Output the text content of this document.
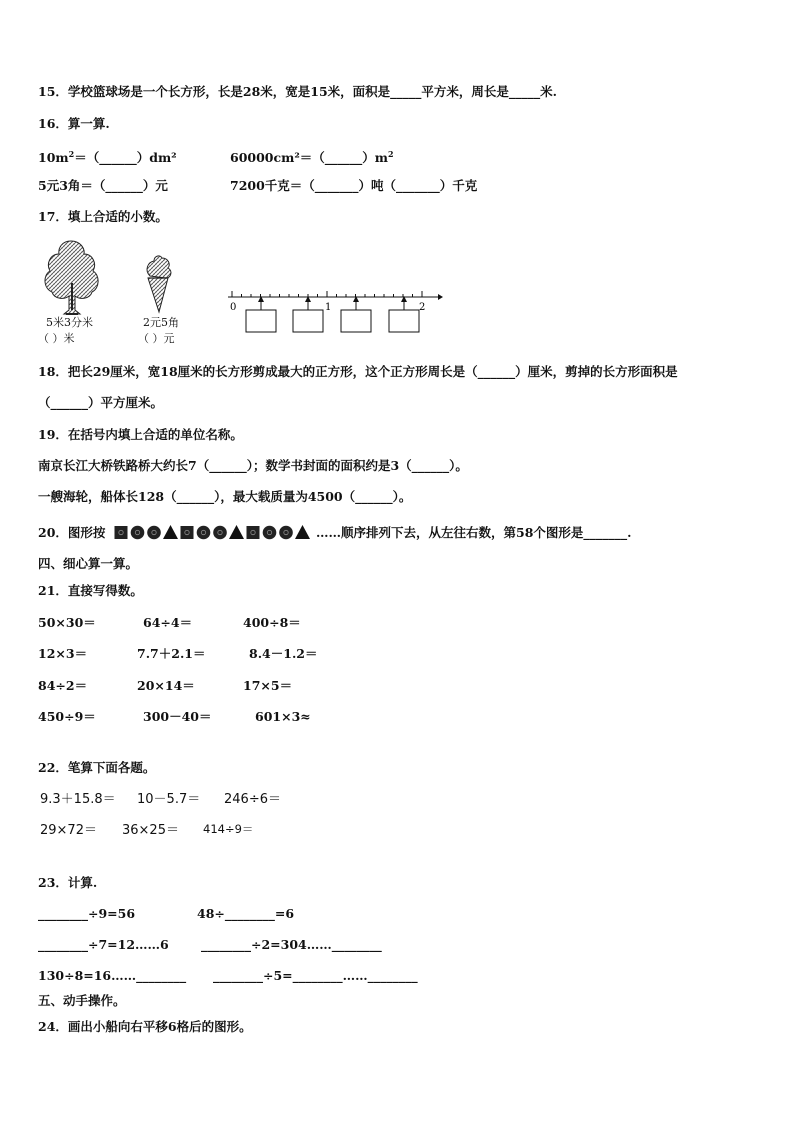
15．学校篮球场是一个长方形，长是28米，宽是15米，面积是_____平方米，周长是_____米.
16．算一算.
$10m^2=(\_\_\_\_\_\_)dm^2$	$60000cm^2=(\_\_\_\_\_\_)m^2$
5元3角＝（______）元	7200千克＝（_______）吨（_______）千克
17．填上合适的小数。
5米3分米
（ ）米
2元5角
（ ）元
0	1	2
18．把长29厘米，宽18厘米的长方形剪成最大的正方形，这个正方形周长是（______）厘米，剪掉的长方形面积是
（______）平方厘米。
19．在括号内填上合适的单位名称。
南京长江大桥铁路桥大约长7（______）；数学书封面的面积约是3（______）。
一艘海轮，船体长128（______），最大载质量为4500（______）。
20．图形按	……顺序排列下去，从左往右数，第58个图形是_______.
四、细心算一算。
21．直接写得数。
50×30＝	64÷4＝	400÷8＝
12×3＝	7.7＋2.1＝	8.4－1.2＝
84÷2＝	20×14＝	17×5＝
450÷9＝	300－40＝	601×3≈
22．笔算下面各题。
9.3＋15.8＝ 10－5.7＝ 246÷6＝
29×72＝ 36×25＝ 414÷9＝
23．计算.
________÷9=56	48÷________=6
________÷7=12……6	________÷2=304……________
130÷8=16……________ ________÷5=________……________
五、动手操作。
24．画出小船向右平移6格后的图形。
